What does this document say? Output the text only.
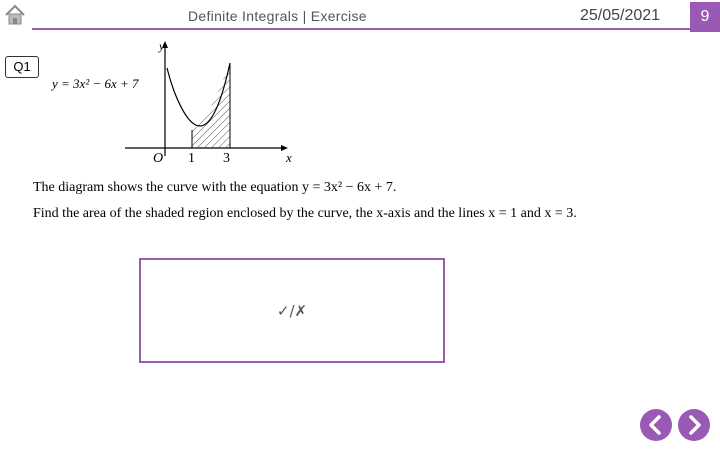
Definite Integrals | Exercise	25/05/2021	9
Q1
y = 3x² − 6x + 7
y
x
O 1 3
The diagram shows the curve with the equation y = 3x² − 6x + 7.
Find the area of the shaded region enclosed by the curve, the x-axis and the lines x = 1 and x = 3.
✓/✗
